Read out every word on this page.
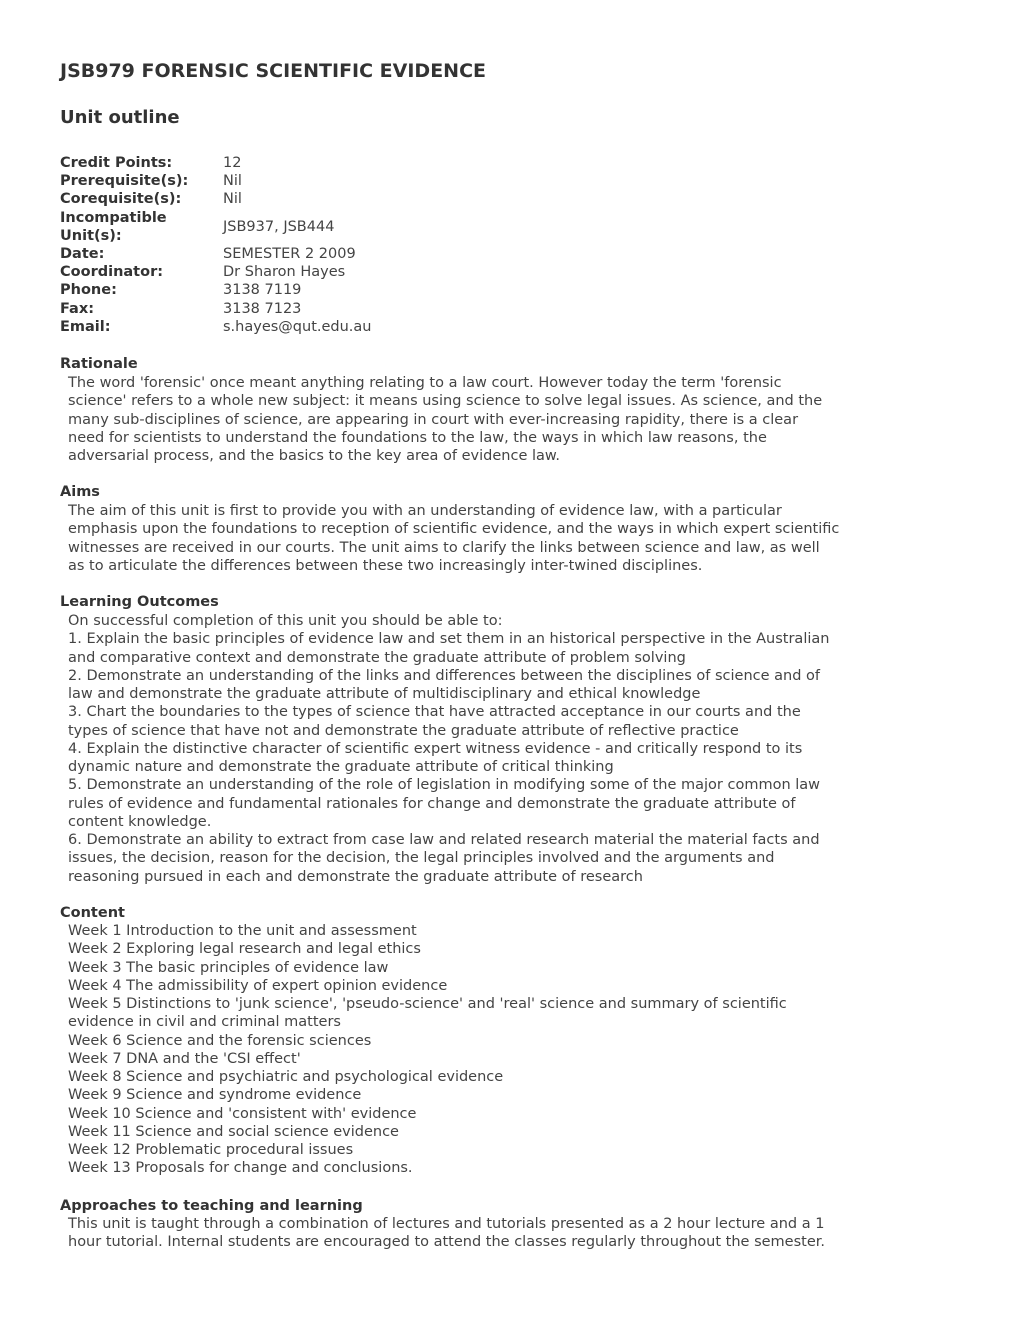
JSB979 FORENSIC SCIENTIFIC EVIDENCE
Unit outline
Credit Points:	12
Prerequisite(s):	Nil
Corequisite(s):	Nil
Incompatible Unit(s):
JSB937, JSB444
Date:	SEMESTER 2 2009
Coordinator:	Dr Sharon Hayes
Phone:	3138 7119
Fax:	3138 7123
Email:	s.hayes@qut.edu.au
Rationale
The word 'forensic' once meant anything relating to a law court. However today the term 'forensic
science' refers to a whole new subject: it means using science to solve legal issues. As science, and the
many sub-disciplines of science, are appearing in court with ever-increasing rapidity, there is a clear
need for scientists to understand the foundations to the law, the ways in which law reasons, the
adversarial process, and the basics to the key area of evidence law.
Aims
The aim of this unit is first to provide you with an understanding of evidence law, with a particular
emphasis upon the foundations to reception of scientific evidence, and the ways in which expert scientific
witnesses are received in our courts. The unit aims to clarify the links between science and law, as well
as to articulate the differences between these two increasingly inter-twined disciplines.
Learning Outcomes
On successful completion of this unit you should be able to:
1. Explain the basic principles of evidence law and set them in an historical perspective in the Australian
and comparative context and demonstrate the graduate attribute of problem solving
2. Demonstrate an understanding of the links and differences between the disciplines of science and of
law and demonstrate the graduate attribute of multidisciplinary and ethical knowledge
3. Chart the boundaries to the types of science that have attracted acceptance in our courts and the
types of science that have not and demonstrate the graduate attribute of reflective practice
4. Explain the distinctive character of scientific expert witness evidence - and critically respond to its
dynamic nature and demonstrate the graduate attribute of critical thinking
5. Demonstrate an understanding of the role of legislation in modifying some of the major common law
rules of evidence and fundamental rationales for change and demonstrate the graduate attribute of
content knowledge.
6. Demonstrate an ability to extract from case law and related research material the material facts and
issues, the decision, reason for the decision, the legal principles involved and the arguments and
reasoning pursued in each and demonstrate the graduate attribute of research
Content
Week 1 Introduction to the unit and assessment
Week 2 Exploring legal research and legal ethics
Week 3 The basic principles of evidence law
Week 4 The admissibility of expert opinion evidence
Week 5 Distinctions to 'junk science', 'pseudo-science' and 'real' science and summary of scientific
evidence in civil and criminal matters
Week 6 Science and the forensic sciences
Week 7 DNA and the 'CSI effect'
Week 8 Science and psychiatric and psychological evidence
Week 9 Science and syndrome evidence
Week 10 Science and 'consistent with' evidence
Week 11 Science and social science evidence
Week 12 Problematic procedural issues
Week 13 Proposals for change and conclusions.
Approaches to teaching and learning
This unit is taught through a combination of lectures and tutorials presented as a 2 hour lecture and a 1
hour tutorial. Internal students are encouraged to attend the classes regularly throughout the semester.
